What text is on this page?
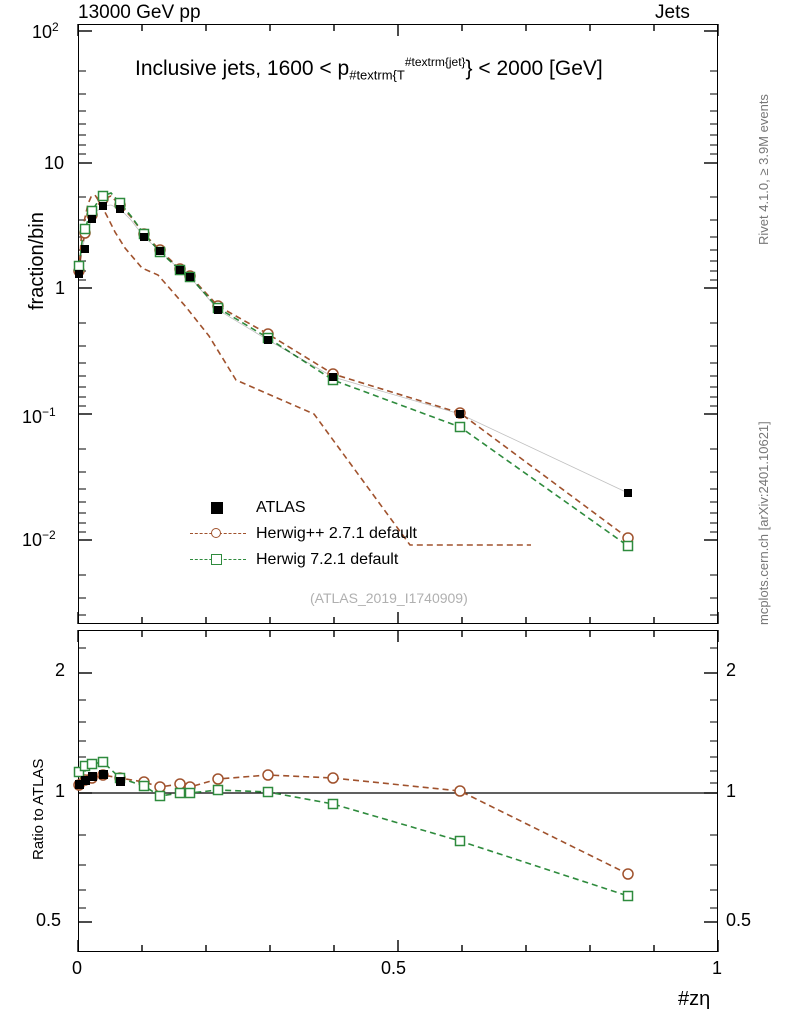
13000 GeV pp	Jets
fraction/bin
Ratio to ATLAS
#zη
Rivet 4.1.0, ≥ 3.9M events
mcplots.cern.ch [arXiv:2401.10621]
Inclusive jets, $1600 < p_{\#textrm\{T}^{\#textrm\{jet\}}\} < 2000$ [GeV]
(ATLAS_2019_I1740909)
$10^2$
10
1
$10^{-1}$
$10^{-2}$
2
1
0.5
2
1
0.5
0	0.5	1
ATLAS
Herwig++ 2.7.1 default
Herwig 7.2.1 default
